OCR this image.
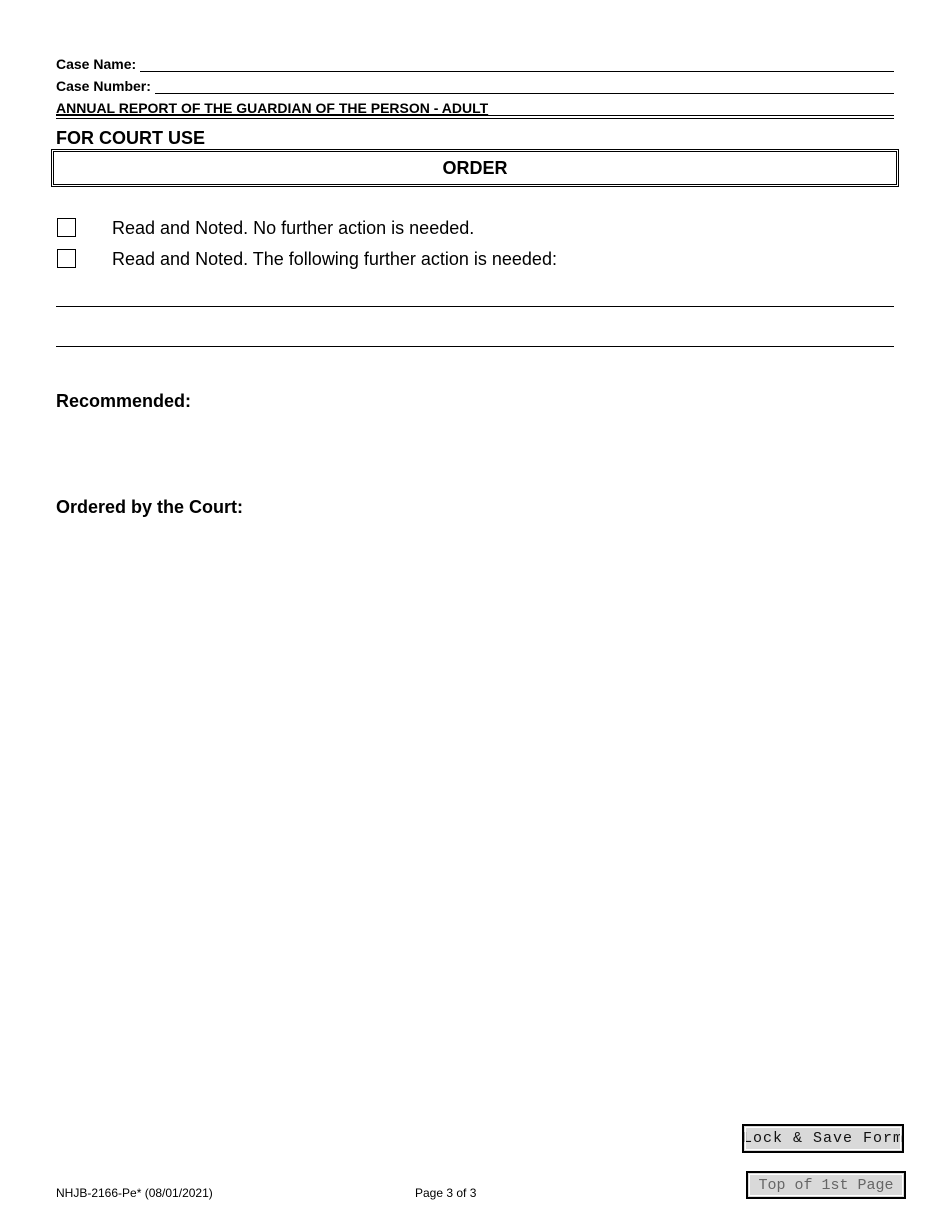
Case Name:
Case Number:
ANNUAL REPORT OF THE GUARDIAN OF THE PERSON - ADULT
FOR COURT USE
ORDER
Read and Noted. No further action is needed.
Read and Noted. The following further action is needed:
Recommended:
Ordered by the Court:
Lock & Save Form
Top of 1st Page
NHJB-2166-Pe* (08/01/2021)	Page 3 of 3
